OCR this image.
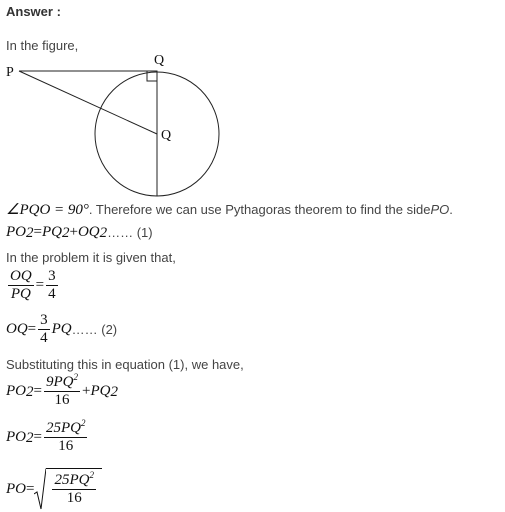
Answer :
In the figure,
P
Q
Q
∠PQO = 90° . Therefore we can use Pythagoras theorem to find the side PO .
PO 2 = PQ 2 + OQ 2 …… (1)
In the problem it is given that,
$\frac{OQ}{PQ} = \frac{3}{4}$
OQ = $\frac{3}{4}$ PQ …… (2)
Substituting this in equation (1), we have,
PO $2 = \frac{9PQ^2}{16}$ + PQ 2
PO $2 = \frac{25PQ^2}{16}$
PO = $\frac{25PQ^2}{16}$
